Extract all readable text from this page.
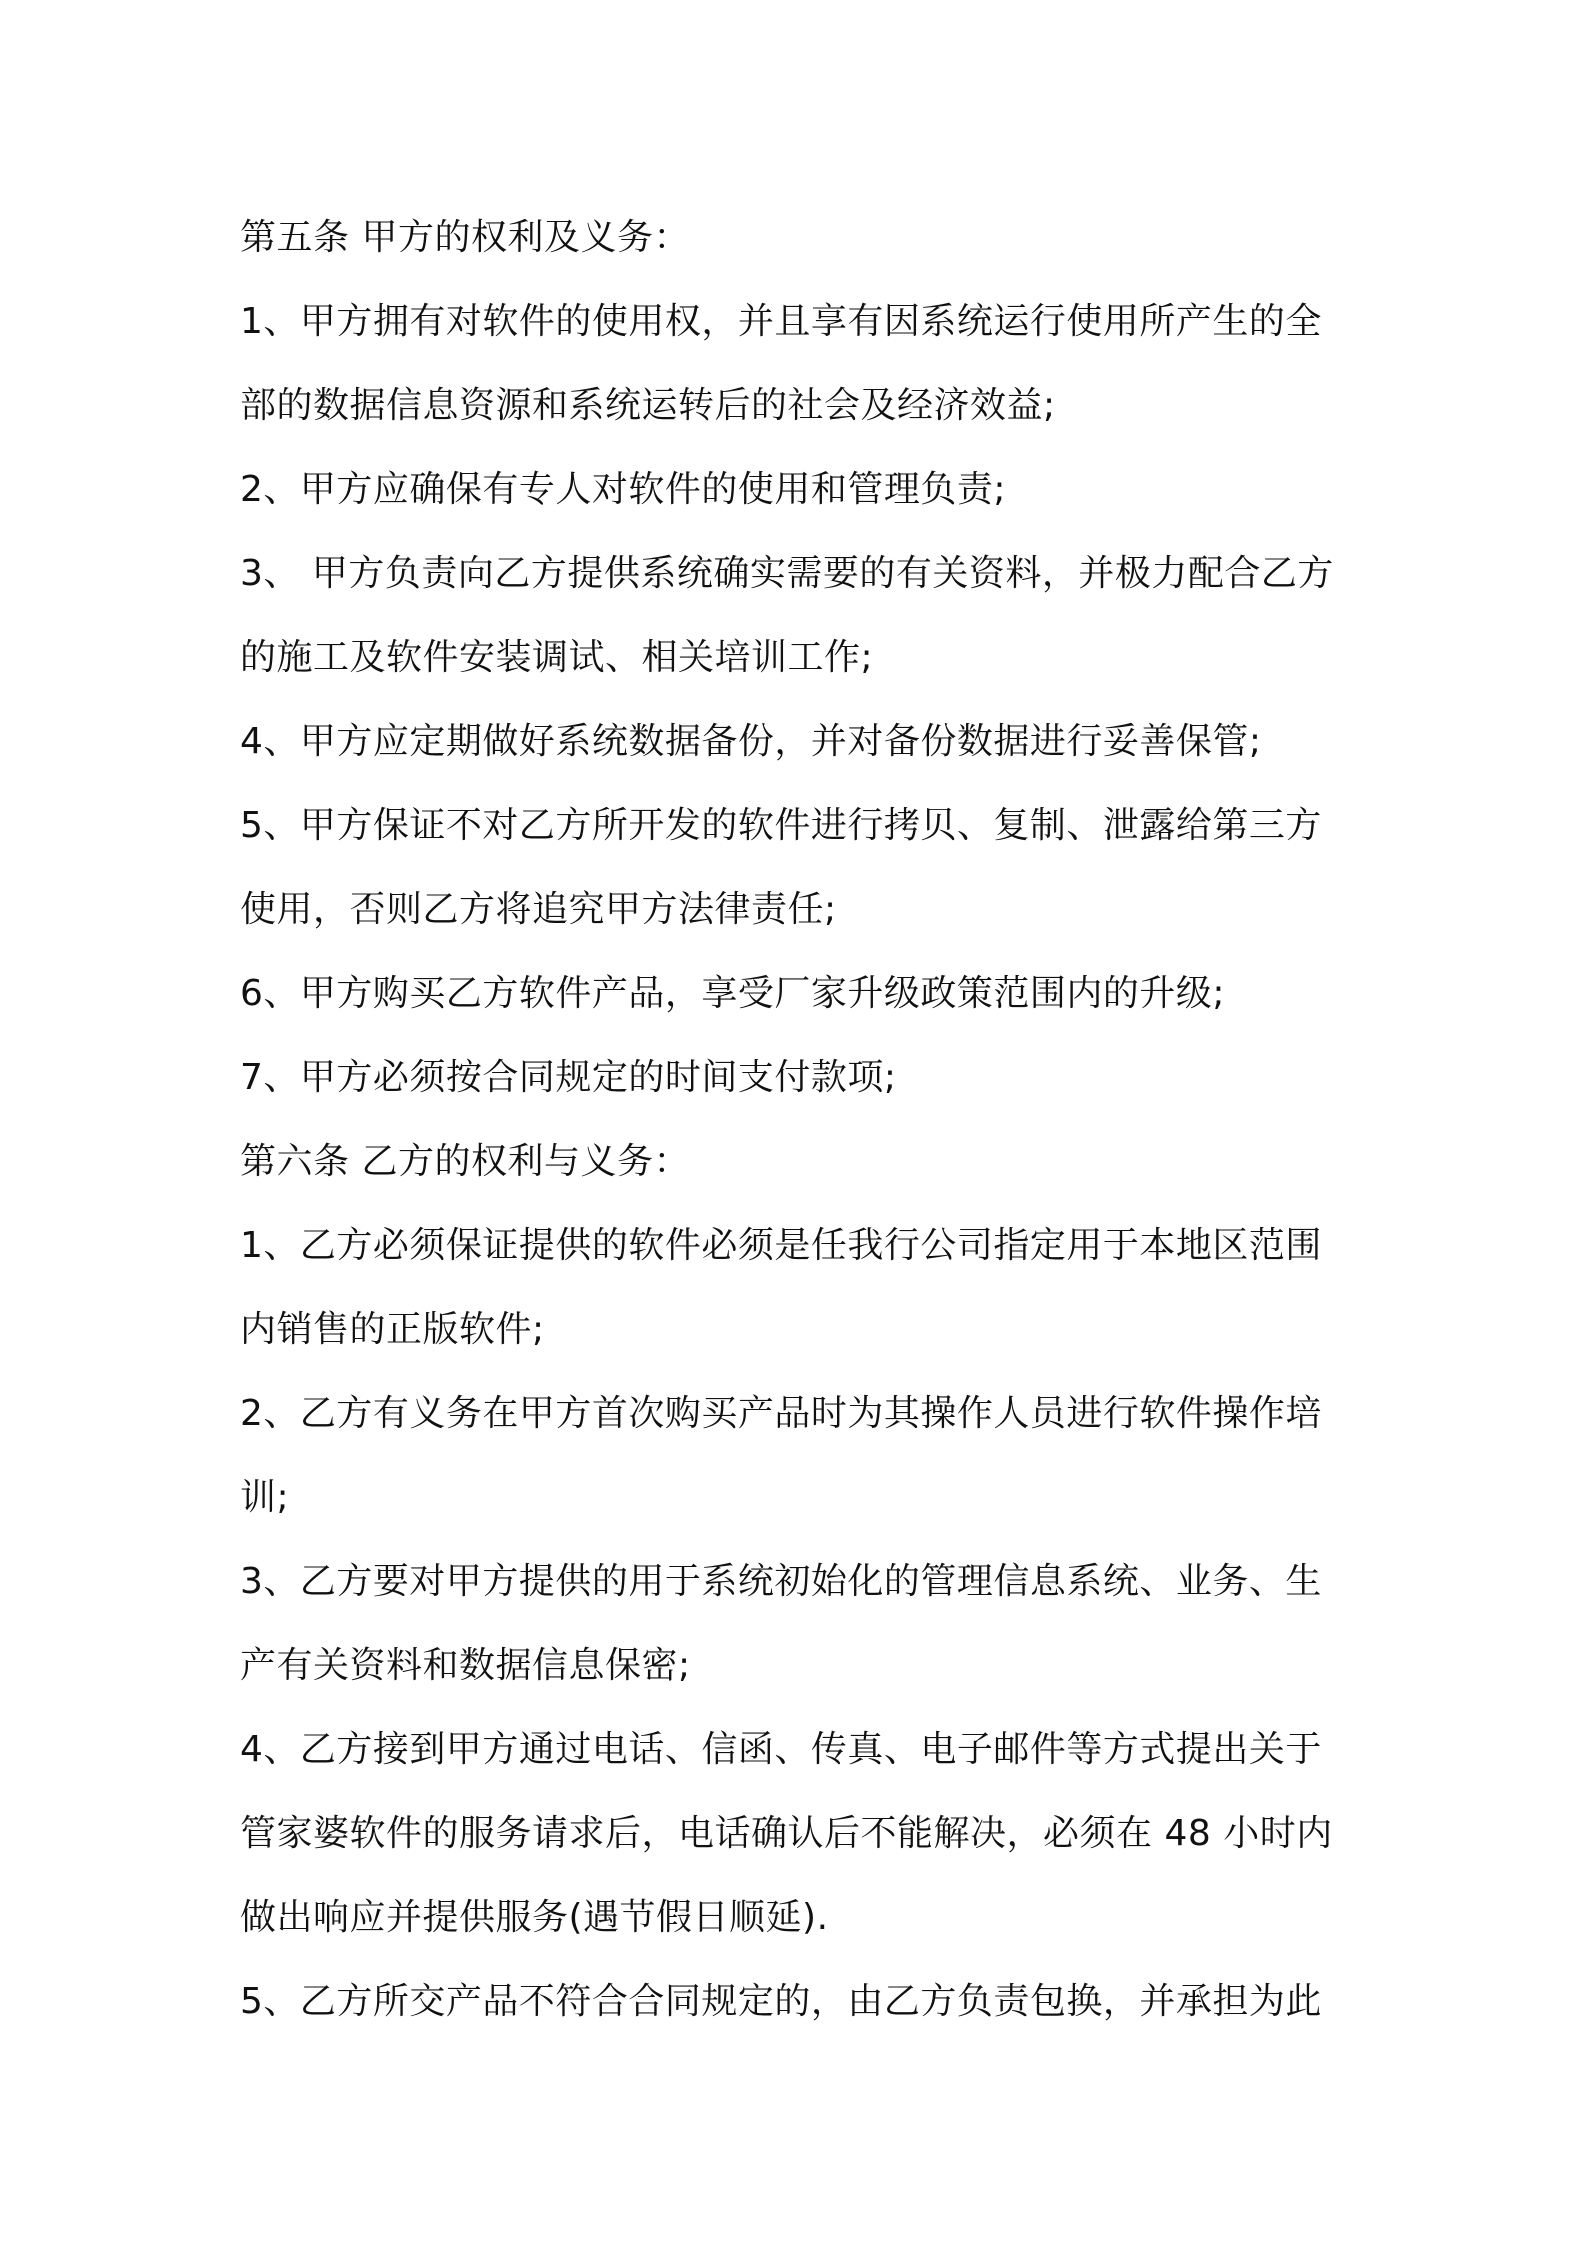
第五条 甲方的权利及义务：
1、甲方拥有对软件的使用权，并且享有因系统运行使用所产生的全
部的数据信息资源和系统运转后的社会及经济效益;
2、甲方应确保有专人对软件的使用和管理负责;
3、 甲方负责向乙方提供系统确实需要的有关资料，并极力配合乙方
的施工及软件安装调试、相关培训工作;
4、甲方应定期做好系统数据备份，并对备份数据进行妥善保管;
5、甲方保证不对乙方所开发的软件进行拷贝、复制、泄露给第三方
使用，否则乙方将追究甲方法律责任;
6、甲方购买乙方软件产品，享受厂家升级政策范围内的升级;
7、甲方必须按合同规定的时间支付款项;
第六条 乙方的权利与义务：
1、乙方必须保证提供的软件必须是任我行公司指定用于本地区范围
内销售的正版软件;
2、乙方有义务在甲方首次购买产品时为其操作人员进行软件操作培
训;
3、乙方要对甲方提供的用于系统初始化的管理信息系统、业务、生
产有关资料和数据信息保密;
4、乙方接到甲方通过电话、信函、传真、电子邮件等方式提出关于
管家婆软件的服务请求后，电话确认后不能解决，必须在 48 小时内
做出响应并提供服务(遇节假日顺延).
5、乙方所交产品不符合合同规定的，由乙方负责包换，并承担为此
